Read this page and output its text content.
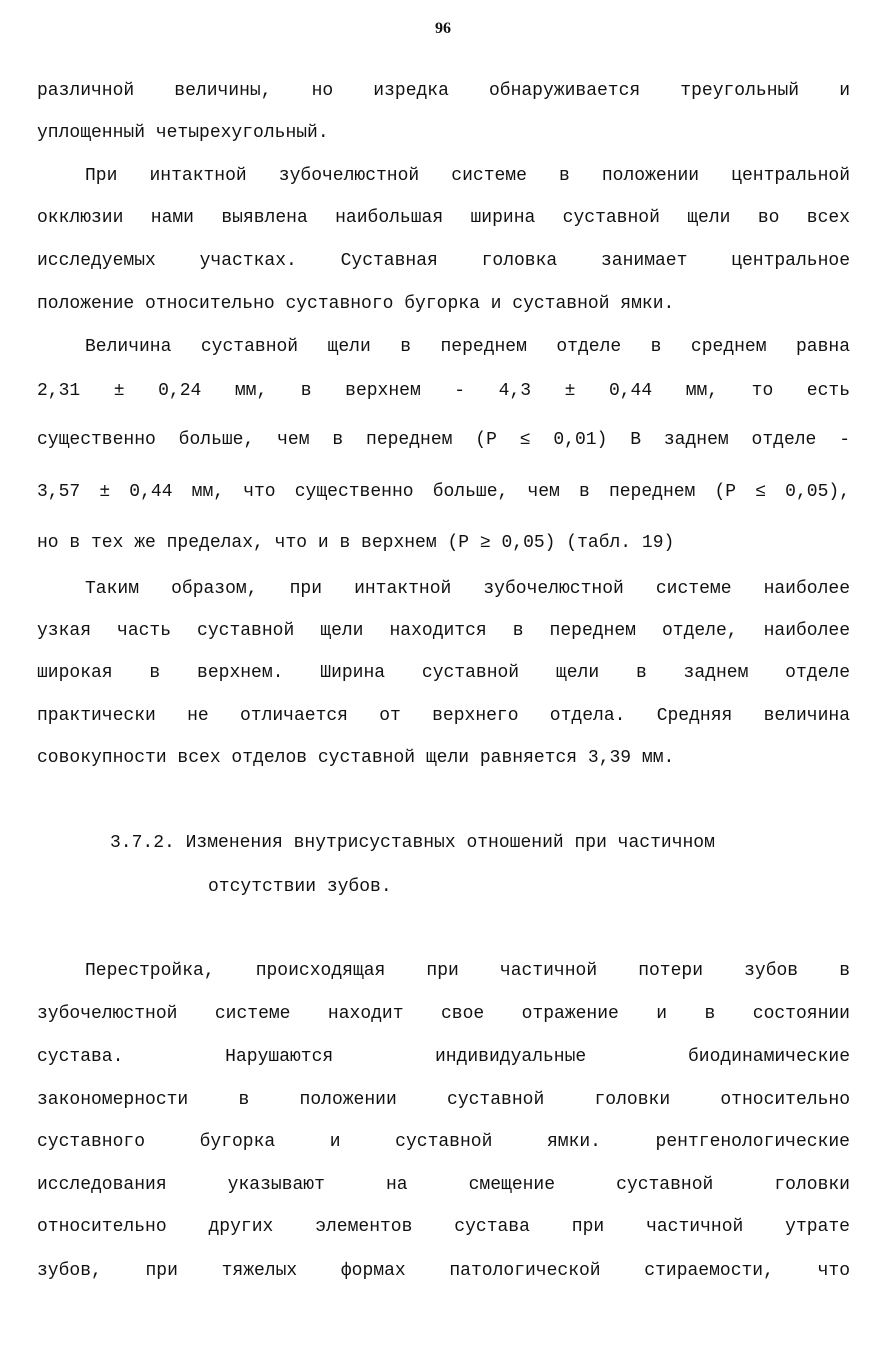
96
различной величины, но изредка обнаруживается треугольный и
уплощенный четырехугольный.
При интактной зубочелюстной системе в положении центральной
окклюзии нами выявлена наибольшая ширина суставной щели во всех
исследуемых участках. Суставная головка занимает центральное
положение относительно суставного бугорка и суставной ямки.
Величина суставной щели в переднем отделе в среднем равна
2,31 ± 0,24 мм, в верхнем - 4,3 ± 0,44 мм, то есть
существенно больше, чем в переднем (Р ≤ 0,01) В заднем отделе -
3,57 ± 0,44 мм, что существенно больше, чем в переднем (Р ≤ 0,05),
но в тех же пределах, что и в верхнем (Р ≥ 0,05) (табл. 19)
Таким образом, при интактной зубочелюстной системе наиболее
узкая часть суставной щели находится в переднем отделе, наиболее
широкая в верхнем. Ширина суставной щели в заднем отделе
практически не отличается от верхнего отдела. Средняя величина
совокупности всех отделов суставной щели равняется 3,39 мм.
3.7.2. Изменения внутрисуставных отношений при частичном
отсутствии зубов.
Перестройка, происходящая при частичной потери зубов в
зубочелюстной системе находит свое отражение и в состоянии
сустава. Нарушаются индивидуальные биодинамические
закономерности в положении суставной головки относительно
суставного бугорка и суставной ямки. рентгенологические
исследования указывают на смещение суставной головки
относительно других элементов сустава при частичной утрате
зубов, при тяжелых формах патологической стираемости, что
